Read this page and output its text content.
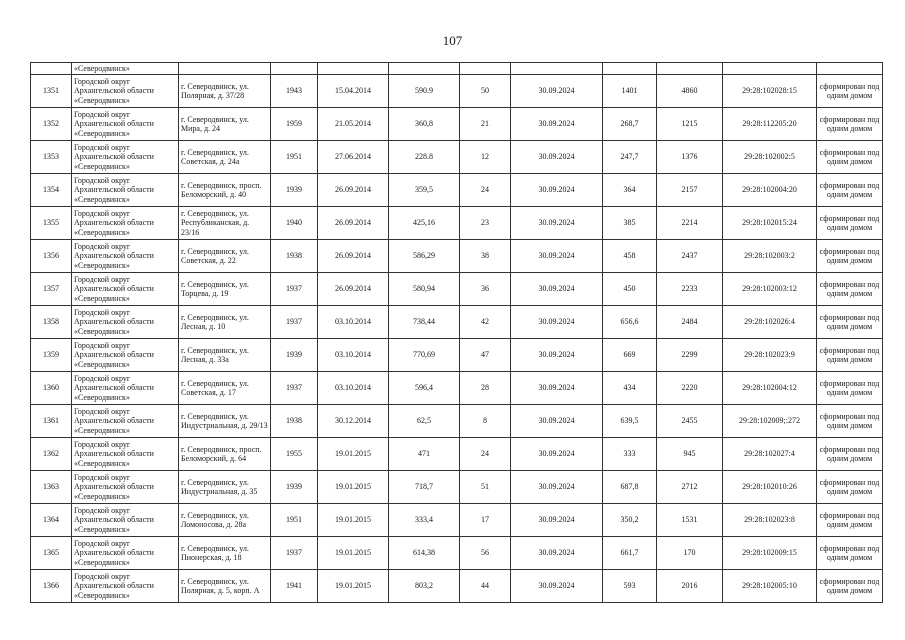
107
	«Северодвинск»										
1351	Городской округ Архангельской области «Северодвинск»	г. Северодвинск, ул. Полярная, д. 37/28	1943	15.04.2014	590.9	50	30.09.2024	1401	4860	29:28:102028:15	сформирован под одним домом
1352	Городской округ Архангельской области «Северодвинск»	г. Северодвинск, ул. Мира, д. 24	1959	21.05.2014	360,8	21	30.09.2024	268,7	1215	29:28:112205:20	сформирован под одним домом
1353	Городской округ Архангельской области «Северодвинск»	г. Северодвинск, ул. Советская, д. 24а	1951	27.06.2014	228.8	12	30.09.2024	247,7	1376	29:28:102002:5	сформирован под одним домом
1354	Городской округ Архангельской области «Северодвинск»	г. Северодвинск, просп. Беломорский, д. 40	1939	26.09.2014	359,5	24	30.09.2024	364	2157	29:28:102004:20	сформирован под одним домом
1355	Городской округ Архангельской области «Северодвинск»	г. Северодвинск, ул. Республиканская, д. 23/16	1940	26.09.2014	425,16	23	30.09.2024	385	2214	29:28:102015:24	сформирован под одним домом
1356	Городской округ Архангельской области «Северодвинск»	г. Северодвинск, ул. Советская, д. 22	1938	26.09.2014	586,29	38	30.09.2024	458	2437	29:28:102003:2	сформирован под одним домом
1357	Городской округ Архангельской области «Северодвинск»	г. Северодвинск, ул. Торцева, д. 19	1937	26.09.2014	580,94	36	30.09.2024	450	2233	29:28:102003:12	сформирован под одним домом
1358	Городской округ Архангельской области «Северодвинск»	г. Северодвинск, ул. Лесная, д. 10	1937	03.10.2014	738,44	42	30.09.2024	656,6	2484	29:28:102026:4	сформирован под одним домом
1359	Городской округ Архангельской области «Северодвинск»	г. Северодвинск, ул. Лесная, д. 33а	1939	03.10.2014	770,69	47	30.09.2024	669	2299	29:28:102023:9	сформирован под одним домом
1360	Городской округ Архангельской области «Северодвинск»	г. Северодвинск, ул. Советская, д. 17	1937	03.10.2014	596,4	28	30.09.2024	434	2220	29:28:102004:12	сформирован под одним домом
1361	Городской округ Архангельской области «Северодвинск»	г. Северодвинск, ул. Индустриальная, д. 29/13	1938	30.12.2014	62,5	8	30.09.2024	639,5	2455	29:28:102009;:272	сформирован под одним домом
1362	Городской округ Архангельской области «Северодвинск»	г. Северодвинск, просп. Беломорский, д. 64	1955	19.01.2015	471	24	30.09.2024	333	945	29:28:102027:4	сформирован под одним домом
1363	Городской округ Архангельской области «Северодвинск»	г. Северодвинск, ул. Индустриальная, д. 35	1939	19.01.2015	718,7	51	30.09.2024	687,8	2712	29:28:102010:26	сформирован под одним домом
1364	Городской округ Архангельской области «Северодвинск»	г. Северодвинск, ул. Ломоносова, д. 28а	1951	19.01.2015	333,4	17	30.09.2024	350,2	1531	29:28:102023:8	сформирован под одним домом
1365	Городской округ Архангельской области «Северодвинск»	г. Северодвинск, ул. Пионерская, д. 18	1937	19.01.2015	614,38	56	30.09.2024	661,7	170	29:28:102009:15	сформирован под одним домом
1366	Городской округ Архангельской области «Северодвинск»	г. Северодвинск, ул. Полярная, д. 5, корп. А	1941	19.01.2015	803,2	44	30.09.2024	593	2016	29:28:102005:10	сформирован под одним домом
